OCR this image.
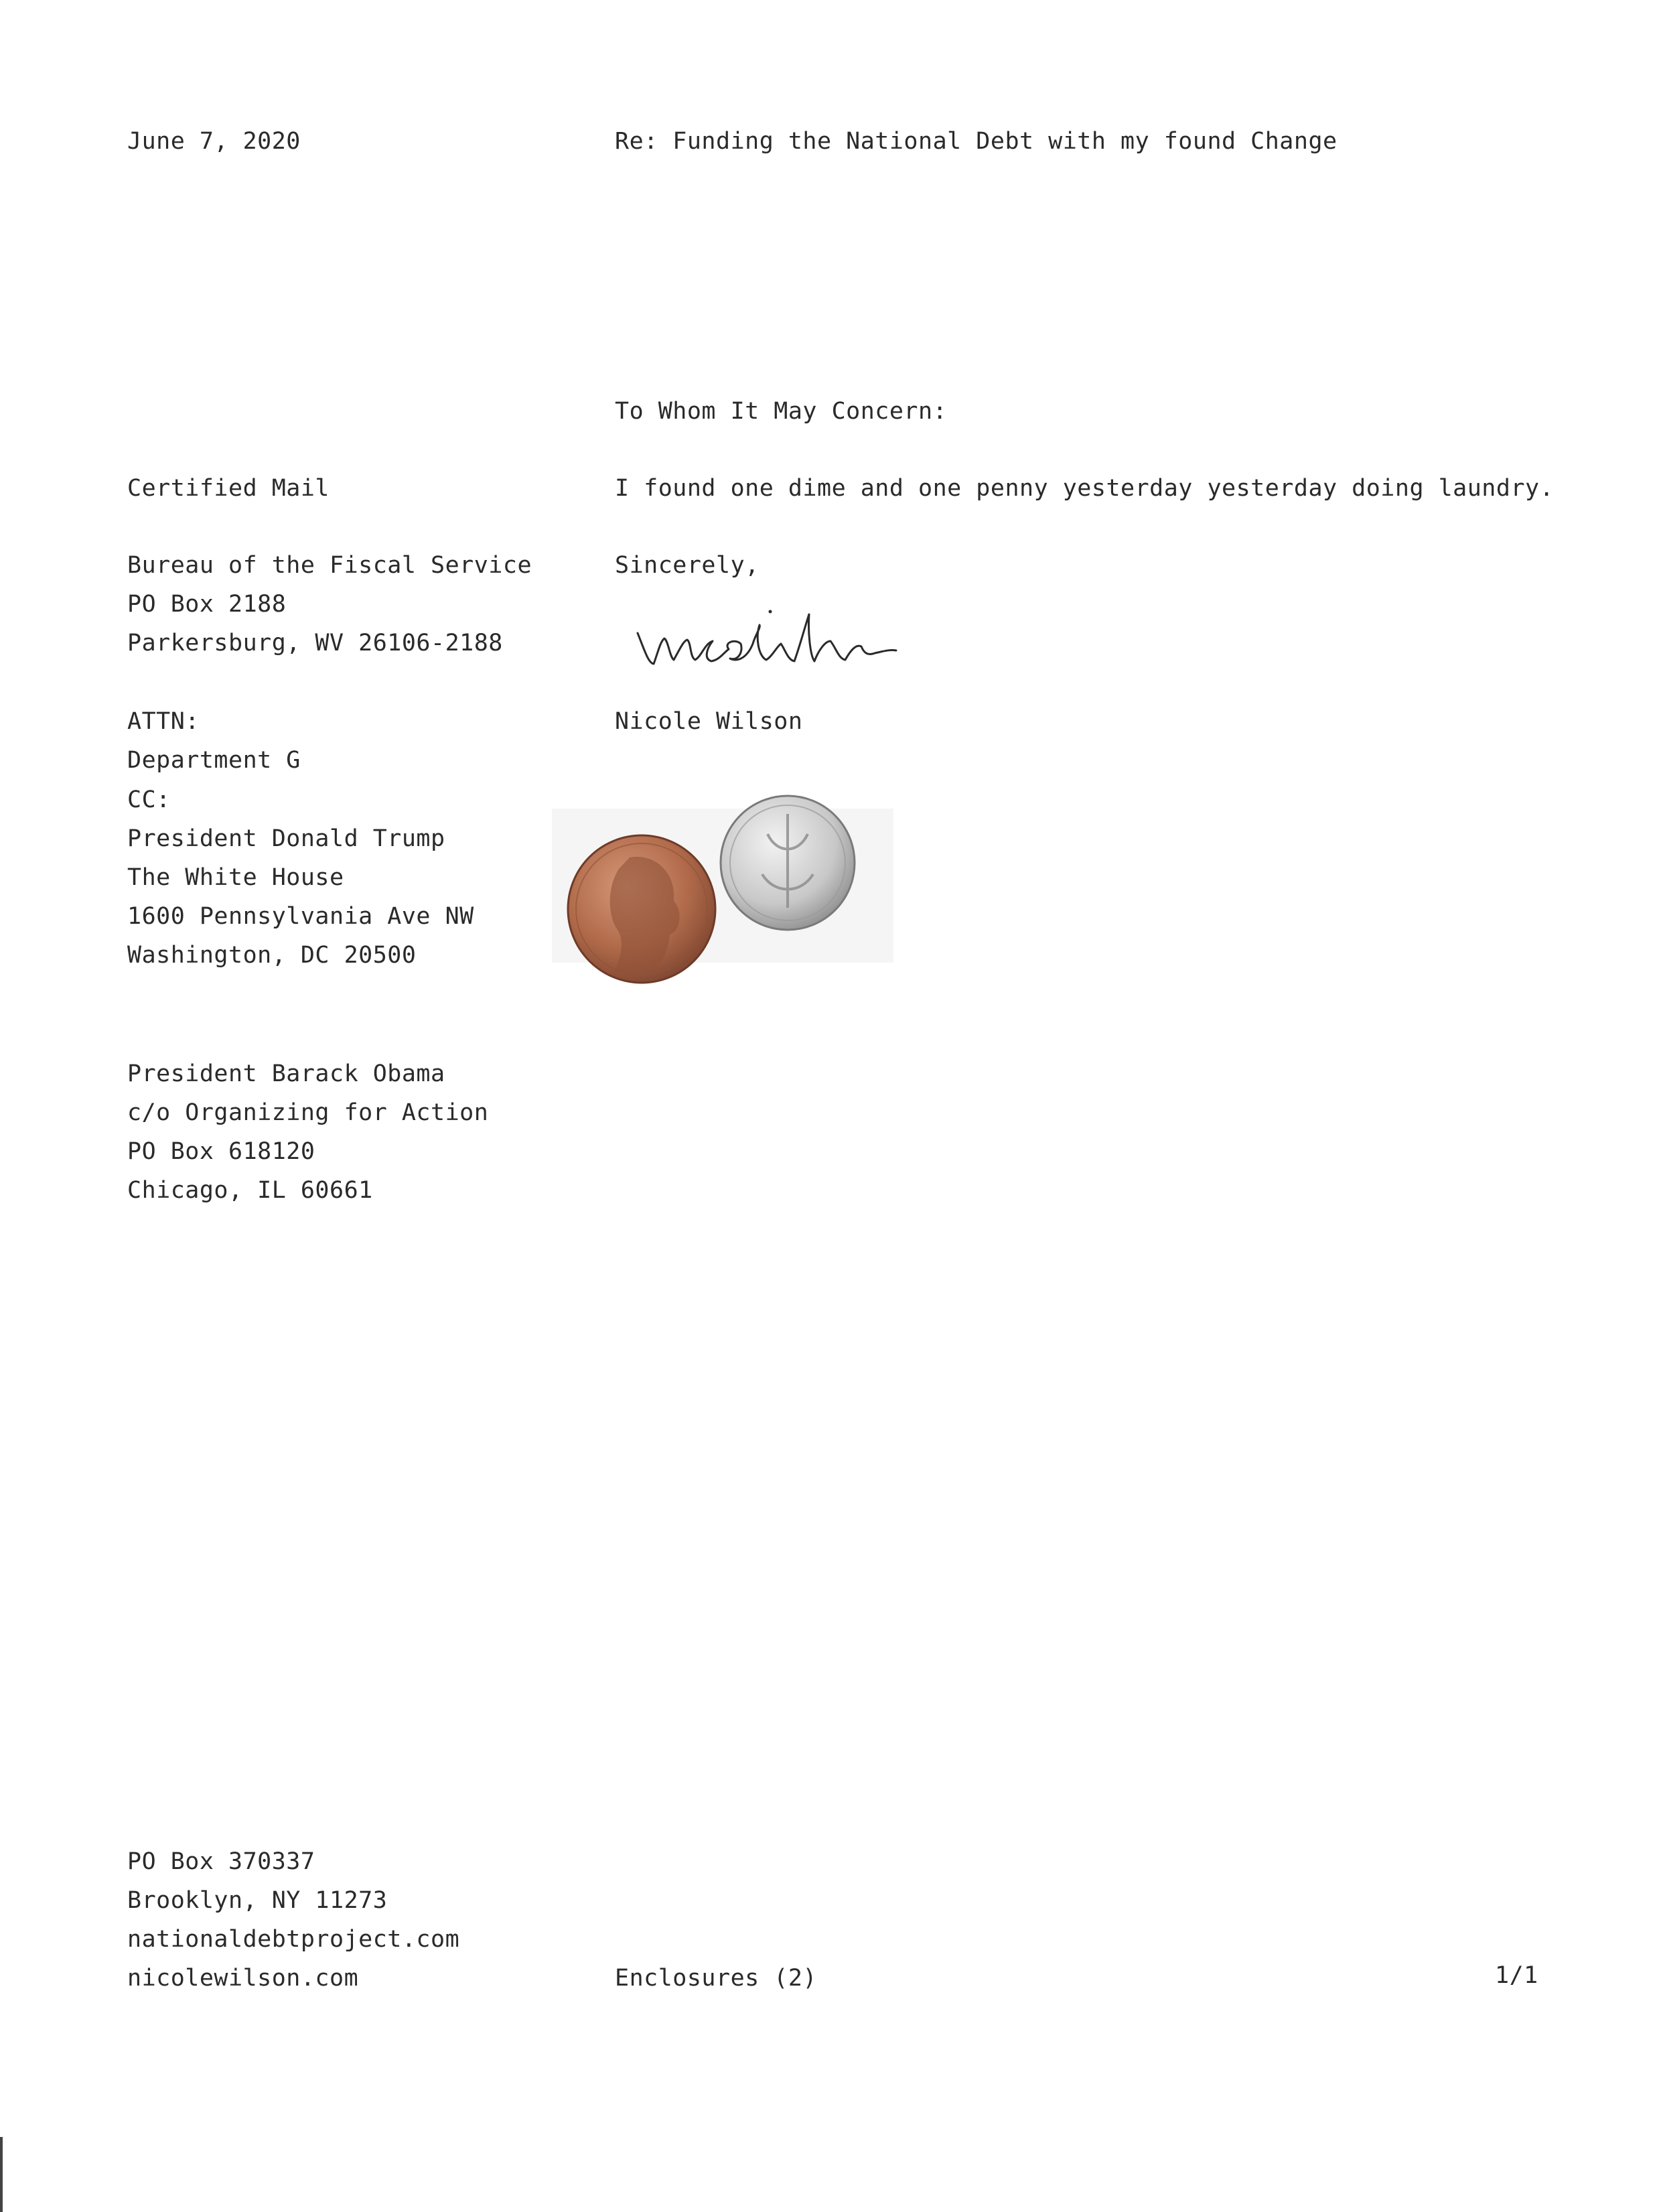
June 7, 2020	Re: Funding the National Debt with my found Change
To Whom It May Concern:
Certified Mail	I found one dime and one penny yesterday yesterday doing laundry.
Bureau of the Fiscal Service
PO Box 2188
Parkersburg, WV 26106-2188
Sincerely,
ATTN:
Department G
Nicole Wilson
CC:
President Donald Trump
The White House
1600 Pennsylvania Ave NW
Washington, DC 20500
President Barack Obama
c/o Organizing for Action
PO Box 618120
Chicago, IL 60661
PO Box 370337
Brooklyn, NY 11273
nationaldebtproject.com
nicolewilson.com	Enclosures (2)	1/1
